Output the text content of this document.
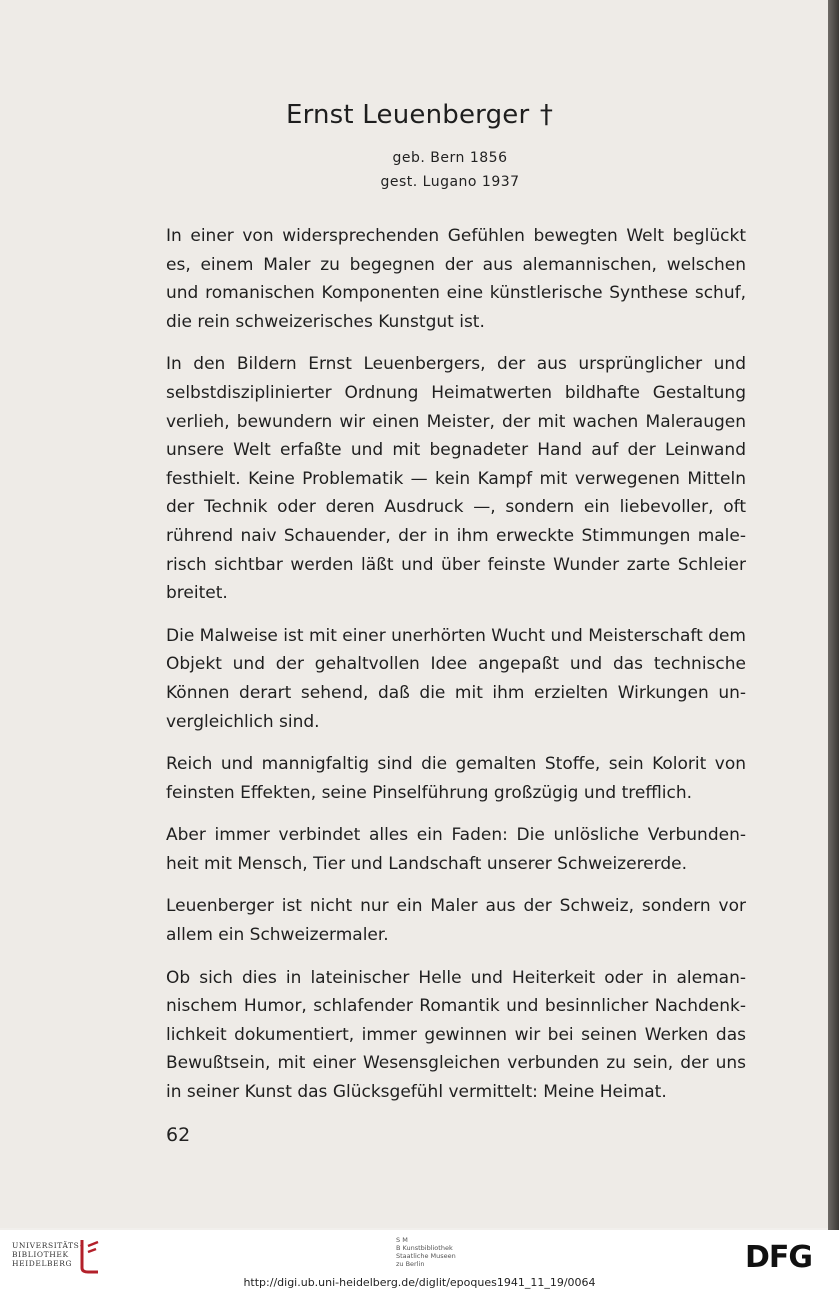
Ernst Leuenberger †
geb. Bern 1856
gest. Lugano 1937

In einer von widersprechenden Gefühlen bewegten Welt beglückt es, einem Maler zu begegnen der aus alemannischen, welschen und romanischen Komponenten eine künstlerische Synthese schuf, die rein schweizerisches Kunstgut ist.

In den Bildern Ernst Leuenbergers, der aus ursprünglicher und selbstdisziplinierter Ordnung Heimatwerten bildhafte Gestaltung verlieh, bewundern wir einen Meister, der mit wachen Maleraugen unsere Welt erfaßte und mit begnadeter Hand auf der Leinwand festhielt. Keine Problematik — kein Kampf mit verwegenen Mitteln der Technik oder deren Ausdruck —, sondern ein liebevoller, oft rührend naiv Schauender, der in ihm erweckte Stimmungen male-risch sichtbar werden läßt und über feinste Wunder zarte Schleier breitet.

Die Malweise ist mit einer unerhörten Wucht und Meisterschaft dem Objekt und der gehaltvollen Idee angepaßt und das technische Können derart sehend, daß die mit ihm erzielten Wirkungen un-vergleichlich sind.

Reich und mannigfaltig sind die gemalten Stoffe, sein Kolorit von feinsten Effekten, seine Pinselführung großzügig und trefflich.

Aber immer verbindet alles ein Faden: Die unlösliche Verbunden-heit mit Mensch, Tier und Landschaft unserer Schweizererde.

Leuenberger ist nicht nur ein Maler aus der Schweiz, sondern vor allem ein Schweizermaler.

Ob sich dies in lateinischer Helle und Heiterkeit oder in aleman-nischem Humor, schlafender Romantik und besinnlicher Nachdenk-lichkeit dokumentiert, immer gewinnen wir bei seinen Werken das Bewußtsein, mit einer Wesensgleichen verbunden zu sein, der uns in seiner Kunst das Glücksgefühl vermittelt: Meine Heimat.

62
UNIVERSITÄTS-
BIBLIOTHEK
HEIDELBERG
S M
B Kunstbibliothek
Staatliche Museen
zu Berlin	DFG
http://digi.ub.uni-heidelberg.de/diglit/epoques1941_11_19/0064
